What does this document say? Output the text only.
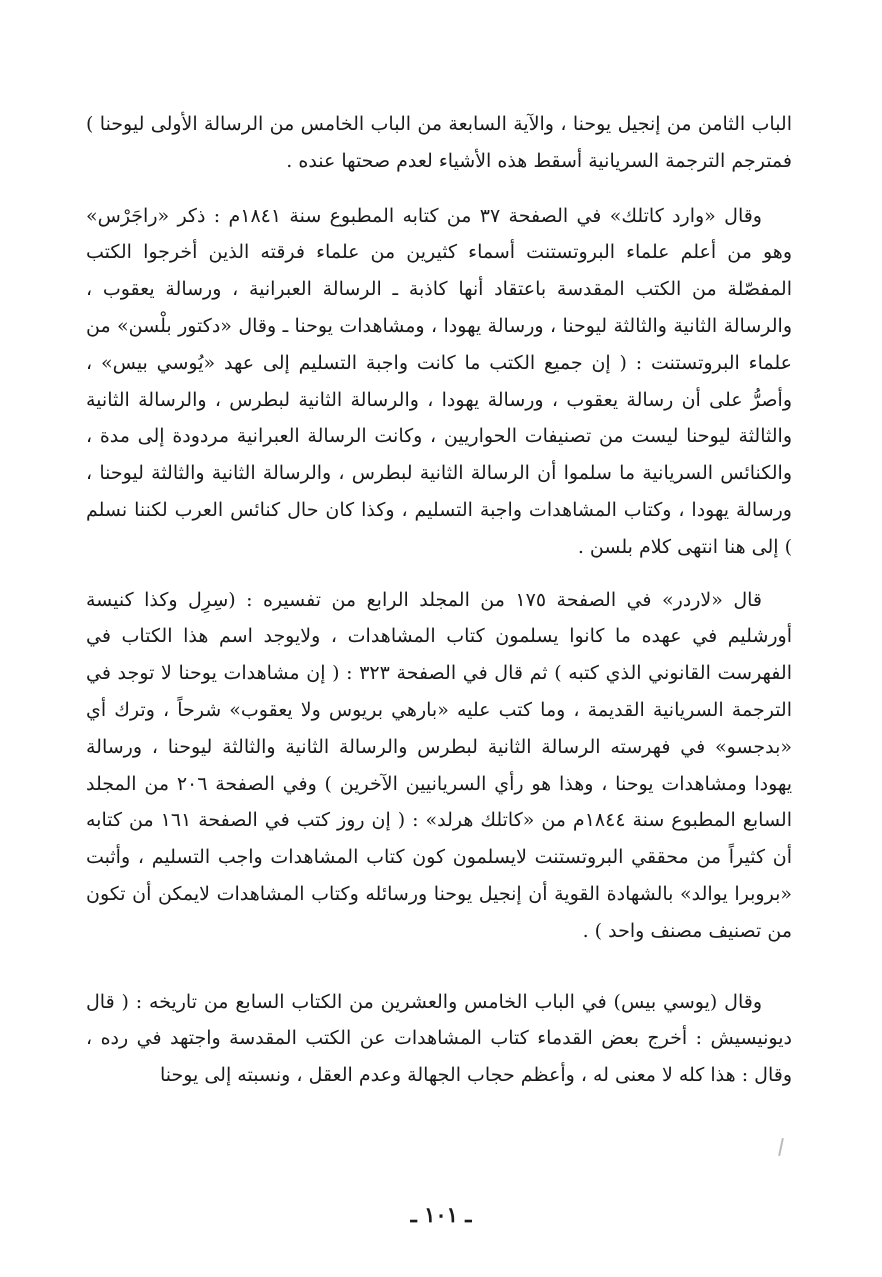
الباب الثامن من إنجيل يوحنا ، والآية السابعة من الباب الخامس من الرسالة الأولى ليوحنا ) فمترجم الترجمة السريانية أسقط هذه الأشياء لعدم صحتها عنده .

وقال «وارد كاتلك» في الصفحة ٣٧ من كتابه المطبوع سنة ١٨٤١م : ذكر «راجَرْس» وهو من أعلم علماء البروتستنت أسماء كثيرين من علماء فرقته الذين أخرجوا الكتب المفصّلة من الكتب المقدسة باعتقاد أنها كاذبة ـ الرسالة العبرانية ، ورسالة يعقوب ، والرسالة الثانية والثالثة ليوحنا ، ورسالة يهودا ، ومشاهدات يوحنا ـ وقال «دكتور بلْسن» من علماء البروتستنت : ( إن جميع الكتب ما كانت واجبة التسليم إلى عهد «يُوسي بيس» ، وأصرُّ على أن رسالة يعقوب ، ورسالة يهودا ، والرسالة الثانية لبطرس ، والرسالة الثانية والثالثة ليوحنا ليست من تصنيفات الحواريين ، وكانت الرسالة العبرانية مردودة إلى مدة ، والكنائس السريانية ما سلموا أن الرسالة الثانية لبطرس ، والرسالة الثانية والثالثة ليوحنا ، ورسالة يهودا ، وكتاب المشاهدات واجبة التسليم ، وكذا كان حال كنائس العرب لكننا نسلم ) إلى هنا انتهى كلام بلسن .

قال «لاردر» في الصفحة ١٧٥ من المجلد الرابع من تفسيره : (سِرِل وكذا كنيسة أورشليم في عهده ما كانوا يسلمون كتاب المشاهدات ، ولايوجد اسم هذا الكتاب في الفهرست القانوني الذي كتبه ) ثم قال في الصفحة ٣٢٣ : ( إن مشاهدات يوحنا لا توجد في الترجمة السريانية القديمة ، وما كتب عليه «بارهي بريوس ولا يعقوب» شرحاً ، وترك أي «بدجسو» في فهرسته الرسالة الثانية لبطرس والرسالة الثانية والثالثة ليوحنا ، ورسالة يهودا ومشاهدات يوحنا ، وهذا هو رأي السريانيين الآخرين ) وفي الصفحة ٢٠٦ من المجلد السابع المطبوع سنة ١٨٤٤م من «كاتلك هرلد» : ( إن روز كتب في الصفحة ١٦١ من كتابه أن كثيراً من محققي البروتستنت لايسلمون كون كتاب المشاهدات واجب التسليم ، وأثبت «بروبرا يوالد» بالشهادة القوية أن إنجيل يوحنا ورسائله وكتاب المشاهدات لايمكن أن تكون من تصنيف مصنف واحد ) .

وقال (يوسي بيس) في الباب الخامس والعشرين من الكتاب السابع من تاريخه : ( قال ديونيسيش : أخرج بعض القدماء كتاب المشاهدات عن الكتب المقدسة واجتهد في رده ، وقال : هذا كله لا معنى له ، وأعظم حجاب الجهالة وعدم العقل ، ونسبته إلى يوحنا

ـ ١٠١ ـ
